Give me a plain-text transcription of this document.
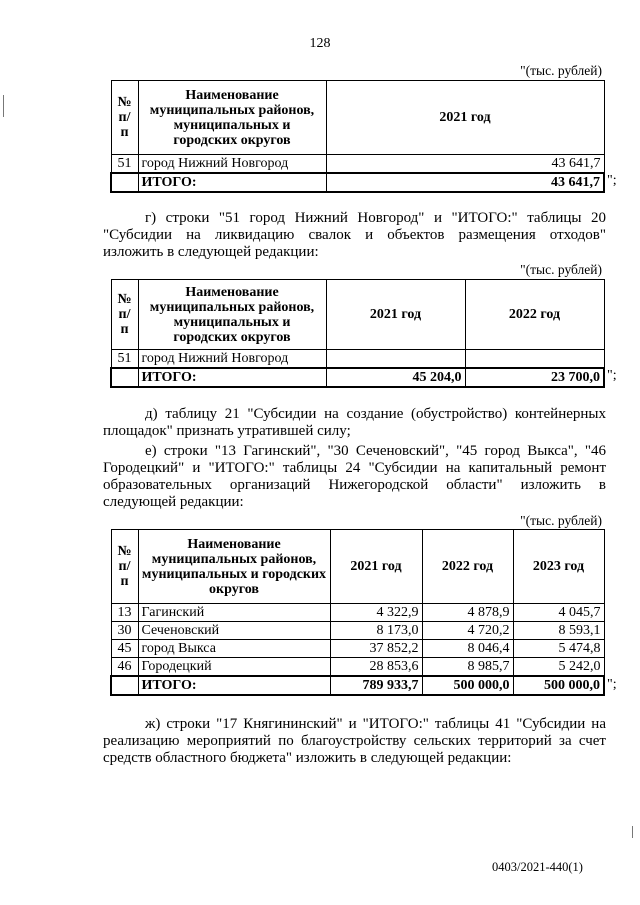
128
"(тыс. рублей)
№ п/п	Наименование муниципальных районов, муниципальных и городских округов	2021 год
51	город Нижний Новгород	43 641,7
	ИТОГО:	43 641,7 ";
г) строки "51 город Нижний Новгород" и "ИТОГО:" таблицы 20
"Субсидии на ликвидацию свалок и объектов размещения отходов"
изложить в следующей редакции:
"(тыс. рублей)
№ п/п	Наименование муниципальных районов, муниципальных и городских округов	2021 год	2022 год
51	город Нижний Новгород		
	ИТОГО:	45 204,0	23 700,0 ";
д) таблицу 21 "Субсидии на создание (обустройство) контейнерных
площадок" признать утратившей силу;
е) строки "13 Гагинский", "30 Сеченовский", "45 город Выкса", "46
Городецкий" и "ИТОГО:" таблицы 24 "Субсидии на капитальный ремонт
образовательных организаций Нижегородской области" изложить в
следующей редакции:
"(тыс. рублей)
№ п/п	Наименование муниципальных районов, муниципальных и городских округов	2021 год	2022 год	2023 год
13	Гагинский	4 322,9	4 878,9	4 045,7
30	Сеченовский	8 173,0	4 720,2	8 593,1
45	город Выкса	37 852,2	8 046,4	5 474,8
46	Городецкий	28 853,6	8 985,7	5 242,0
	ИТОГО:	789 933,7	500 000,0	500 000,0 ";
ж) строки "17 Княгининский" и "ИТОГО:" таблицы 41 "Субсидии на
реализацию мероприятий по благоустройству сельских территорий за счет
средств областного бюджета" изложить в следующей редакции:
0403/2021-440(1)
